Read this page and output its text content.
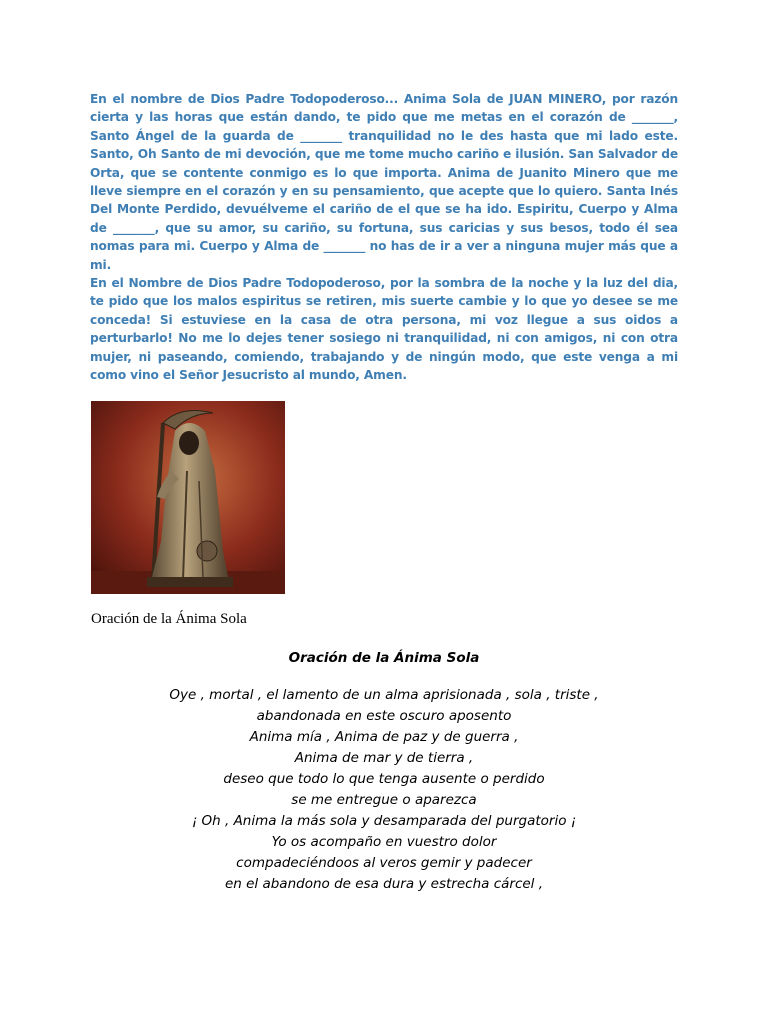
En el nombre de Dios Padre Todopoderoso... Anima Sola de JUAN MINERO, por razón cierta y las horas que están dando, te pido que me metas en el corazón de _______, Santo Ángel de la guarda de _______ tranquilidad no le des hasta que mi lado este. Santo, Oh Santo de mi devoción, que me tome mucho cariño e ilusión. San Salvador de Orta, que se contente conmigo es lo que importa. Anima de Juanito Minero que me lleve siempre en el corazón y en su pensamiento, que acepte que lo quiero. Santa Inés Del Monte Perdido, devuélveme el cariño de el que se ha ido. Espiritu, Cuerpo y Alma de _______, que su amor, su cariño, su fortuna, sus caricias y sus besos, todo él sea nomas para mi. Cuerpo y Alma de _______ no has de ir a ver a ninguna mujer más que a mi.

En el Nombre de Dios Padre Todopoderoso, por la sombra de la noche y la luz del dia, te pido que los malos espiritus se retiren, mis suerte cambie y lo que yo desee se me conceda! Si estuviese en la casa de otra persona, mi voz llegue a sus oidos a perturbarlo! No me lo dejes tener sosiego ni tranquilidad, ni con amigos, ni con otra mujer, ni paseando, comiendo, trabajando y de ningún modo, que este venga a mi como vino el Señor Jesucristo al mundo, Amen.

Oración de la Ánima Sola

Oración de la Ánima Sola

Oye , mortal , el lamento de un alma aprisionada , sola , triste ,

abandonada en este oscuro aposento

Anima mía , Anima de paz y de guerra ,

Anima de mar y de tierra ,

deseo que todo lo que tenga ausente o perdido

se me entregue o aparezca

¡ Oh , Anima la más sola y desamparada del purgatorio ¡

Yo os acompaño en vuestro dolor

compadeciéndoos al veros gemir y padecer

en el abandono de esa dura y estrecha cárcel ,
